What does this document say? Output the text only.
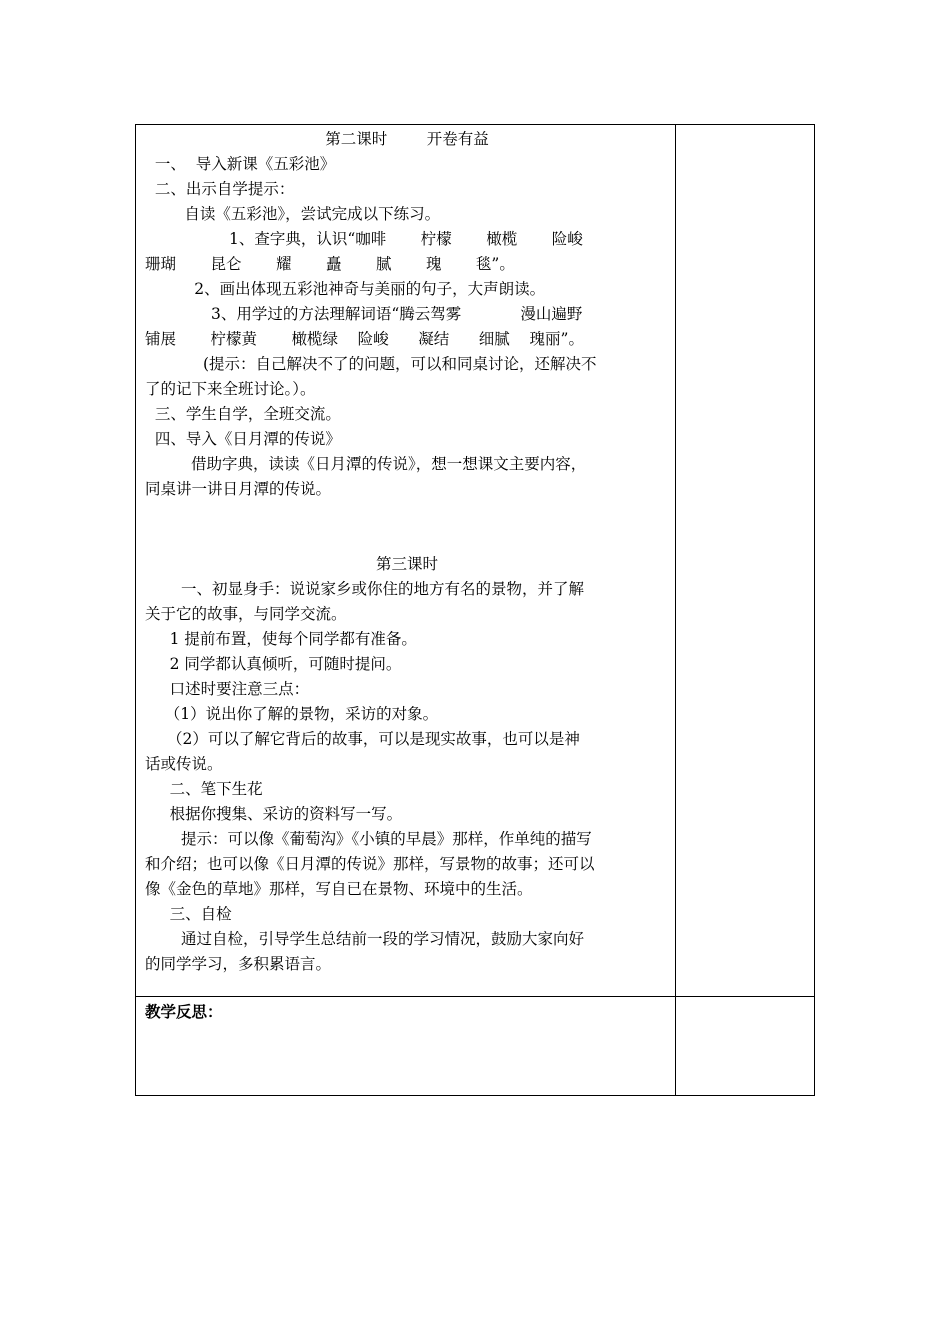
第二课时        开卷有益
一、  导入新课《五彩池》
二、出示自学提示：
自读《五彩池》，尝试完成以下练习。
1、查字典，认识“咖啡       柠檬       橄榄       险峻
珊瑚       昆仑       耀       矗       腻       瑰       毯”。
2、画出体现五彩池神奇与美丽的句子，大声朗读。
3、用学过的方法理解词语“腾云驾雾            漫山遍野
铺展       柠檬黄       橄榄绿    险峻      凝结      细腻    瑰丽”。
(提示：自己解决不了的问题，可以和同桌讨论，还解决不
了的记下来全班讨论。）。
三、学生自学，全班交流。
四、导入《日月潭的传说》
借助字典，读读《日月潭的传说》，想一想课文主要内容，
同桌讲一讲日月潭的传说。
第三课时
一、初显身手：说说家乡或你住的地方有名的景物，并了解
关于它的故事，与同学交流。
1 提前布置，使每个同学都有准备。
2 同学都认真倾听，可随时提问。
口述时要注意三点：
（1）说出你了解的景物，采访的对象。
（2）可以了解它背后的故事，可以是现实故事，也可以是神
话或传说。
二、笔下生花
根据你搜集、采访的资料写一写。
提示：可以像《葡萄沟》《小镇的早晨》那样，作单纯的描写
和介绍；也可以像《日月潭的传说》那样，写景物的故事；还可以
像《金色的草地》那样，写自已在景物、环境中的生活。
三、自检
通过自检，引导学生总结前一段的学习情况，鼓励大家向好
的同学学习，多积累语言。
教学反思：
